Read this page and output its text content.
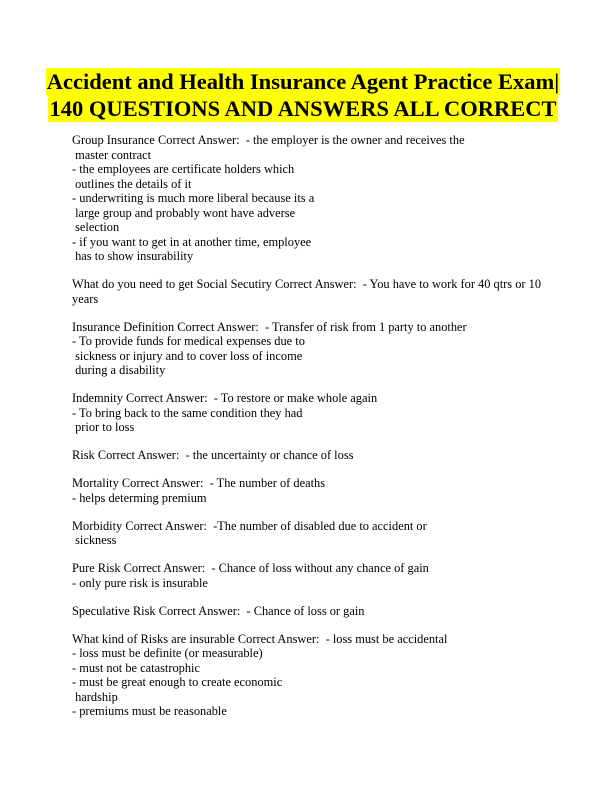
Accident and Health Insurance Agent Practice Exam|
140 QUESTIONS AND ANSWERS ALL CORRECT
Group Insurance Correct Answer:  - the employer is the owner and receives the
master contract
- the employees are certificate holders which
outlines the details of it
- underwriting is much more liberal because its a
large group and probably wont have adverse
selection
- if you want to get in at another time, employee
has to show insurability
What do you need to get Social Secutiry Correct Answer:  - You have to work for 40 qtrs or 10
years
Insurance Definition Correct Answer:  - Transfer of risk from 1 party to another
- To provide funds for medical expenses due to
sickness or injury and to cover loss of income
during a disability
Indemnity Correct Answer:  - To restore or make whole again
- To bring back to the same condition they had
prior to loss
Risk Correct Answer:  - the uncertainty or chance of loss
Mortality Correct Answer:  - The number of deaths
- helps determing premium
Morbidity Correct Answer:  -The number of disabled due to accident or
sickness
Pure Risk Correct Answer:  - Chance of loss without any chance of gain
- only pure risk is insurable
Speculative Risk Correct Answer:  - Chance of loss or gain
What kind of Risks are insurable Correct Answer:  - loss must be accidental
- loss must be definite (or measurable)
- must not be catastrophic
- must be great enough to create economic
hardship
- premiums must be reasonable
